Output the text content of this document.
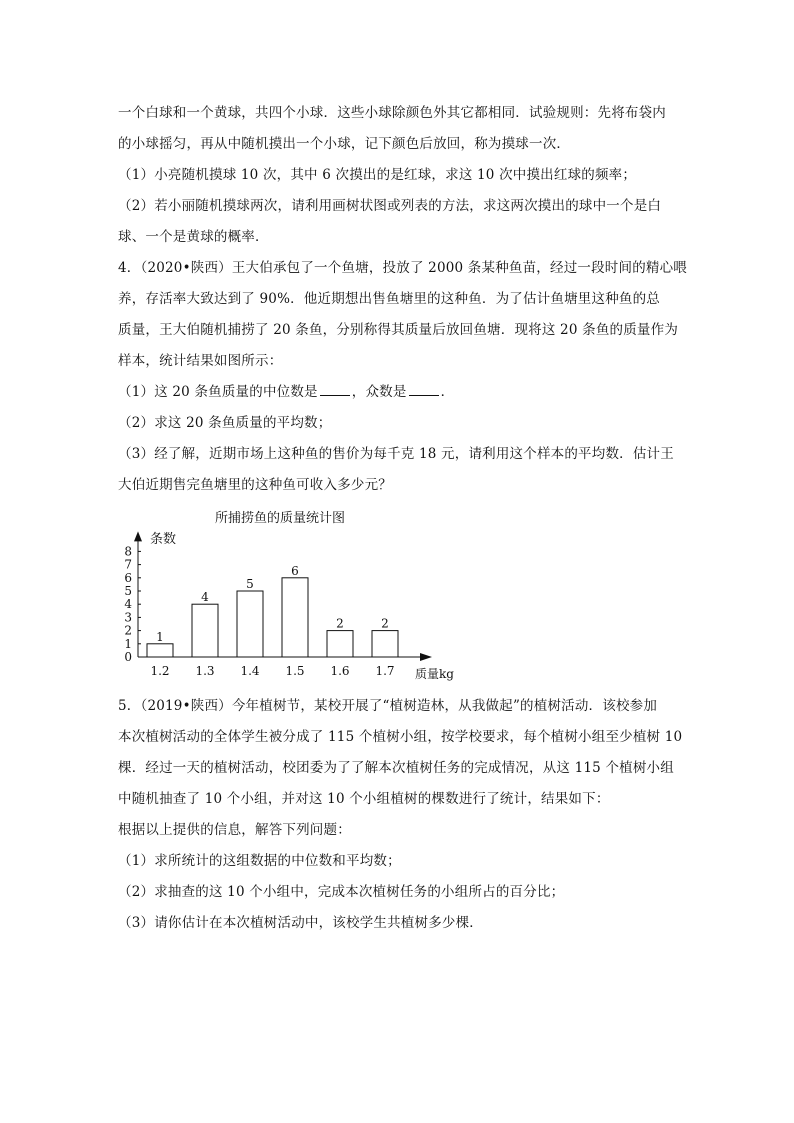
一个白球和一个黄球，共四个小球．这些小球除颜色外其它都相同．试验规则：先将布袋内
的小球摇匀，再从中随机摸出一个小球，记下颜色后放回，称为摸球一次．
（1）小亮随机摸球 10 次，其中 6 次摸出的是红球，求这 10 次中摸出红球的频率；
（2）若小丽随机摸球两次，请利用画树状图或列表的方法，求这两次摸出的球中一个是白
球、一个是黄球的概率．
4．（2020•陕西）王大伯承包了一个鱼塘，投放了 2000 条某种鱼苗，经过一段时间的精心喂
养，存活率大致达到了 90%．他近期想出售鱼塘里的这种鱼．为了估计鱼塘里这种鱼的总
质量，王大伯随机捕捞了 20 条鱼，分别称得其质量后放回鱼塘．现将这 20 条鱼的质量作为
样本，统计结果如图所示：
（1）这 20 条鱼质量的中位数是	，众数是	．
（2）求这 20 条鱼质量的平均数；
（3）经了解，近期市场上这种鱼的售价为每千克 18 元，请利用这个样本的平均数．估计王
大伯近期售完鱼塘里的这种鱼可收入多少元？
所捕捞鱼的质量统计图
条数
质量kg
0
1
2
3
4
5
6
7
8
1
1.2
4
1.3
5
1.4
6
1.5
2
1.6
2
1.7
5．（2019•陕西）今年植树节，某校开展了“植树造林，从我做起”的植树活动．该校参加
本次植树活动的全体学生被分成了 115 个植树小组，按学校要求，每个植树小组至少植树 10
棵．经过一天的植树活动，校团委为了了解本次植树任务的完成情况，从这 115 个植树小组
中随机抽查了 10 个小组，并对这 10 个小组植树的棵数进行了统计，结果如下：
根据以上提供的信息，解答下列问题：
（1）求所统计的这组数据的中位数和平均数；
（2）求抽查的这 10 个小组中，完成本次植树任务的小组所占的百分比；
（3）请你估计在本次植树活动中，该校学生共植树多少棵．
